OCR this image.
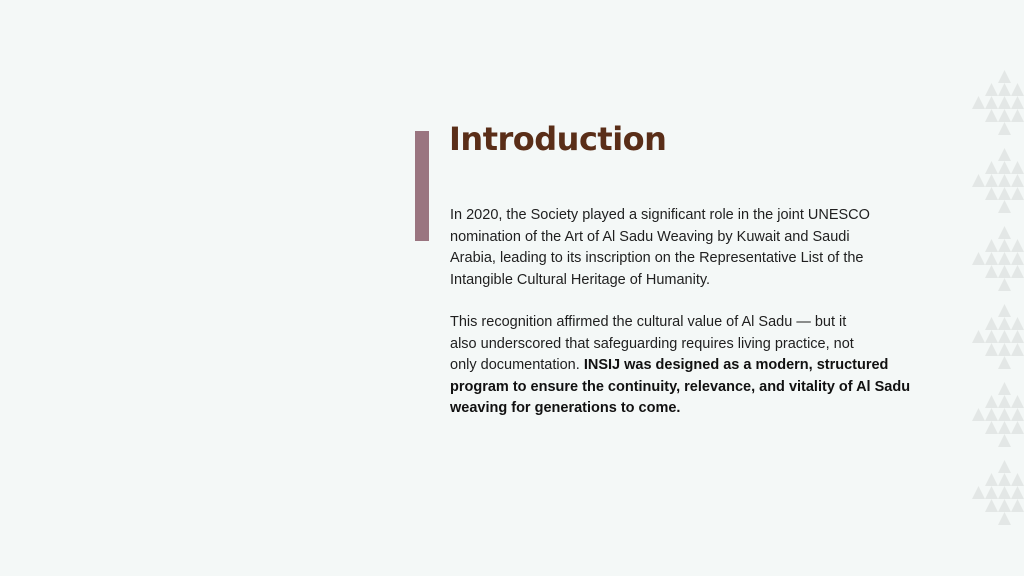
Introduction

In 2020, the Society played a significant role in the joint UNESCO
nomination of the Art of Al Sadu Weaving by Kuwait and Saudi
Arabia, leading to its inscription on the Representative List of the
Intangible Cultural Heritage of Humanity.

This recognition affirmed the cultural value of Al Sadu — but it
also underscored that safeguarding requires living practice, not
only documentation. INSIJ was designed as a modern, structured
program to ensure the continuity, relevance, and vitality of Al Sadu
weaving for generations to come.
